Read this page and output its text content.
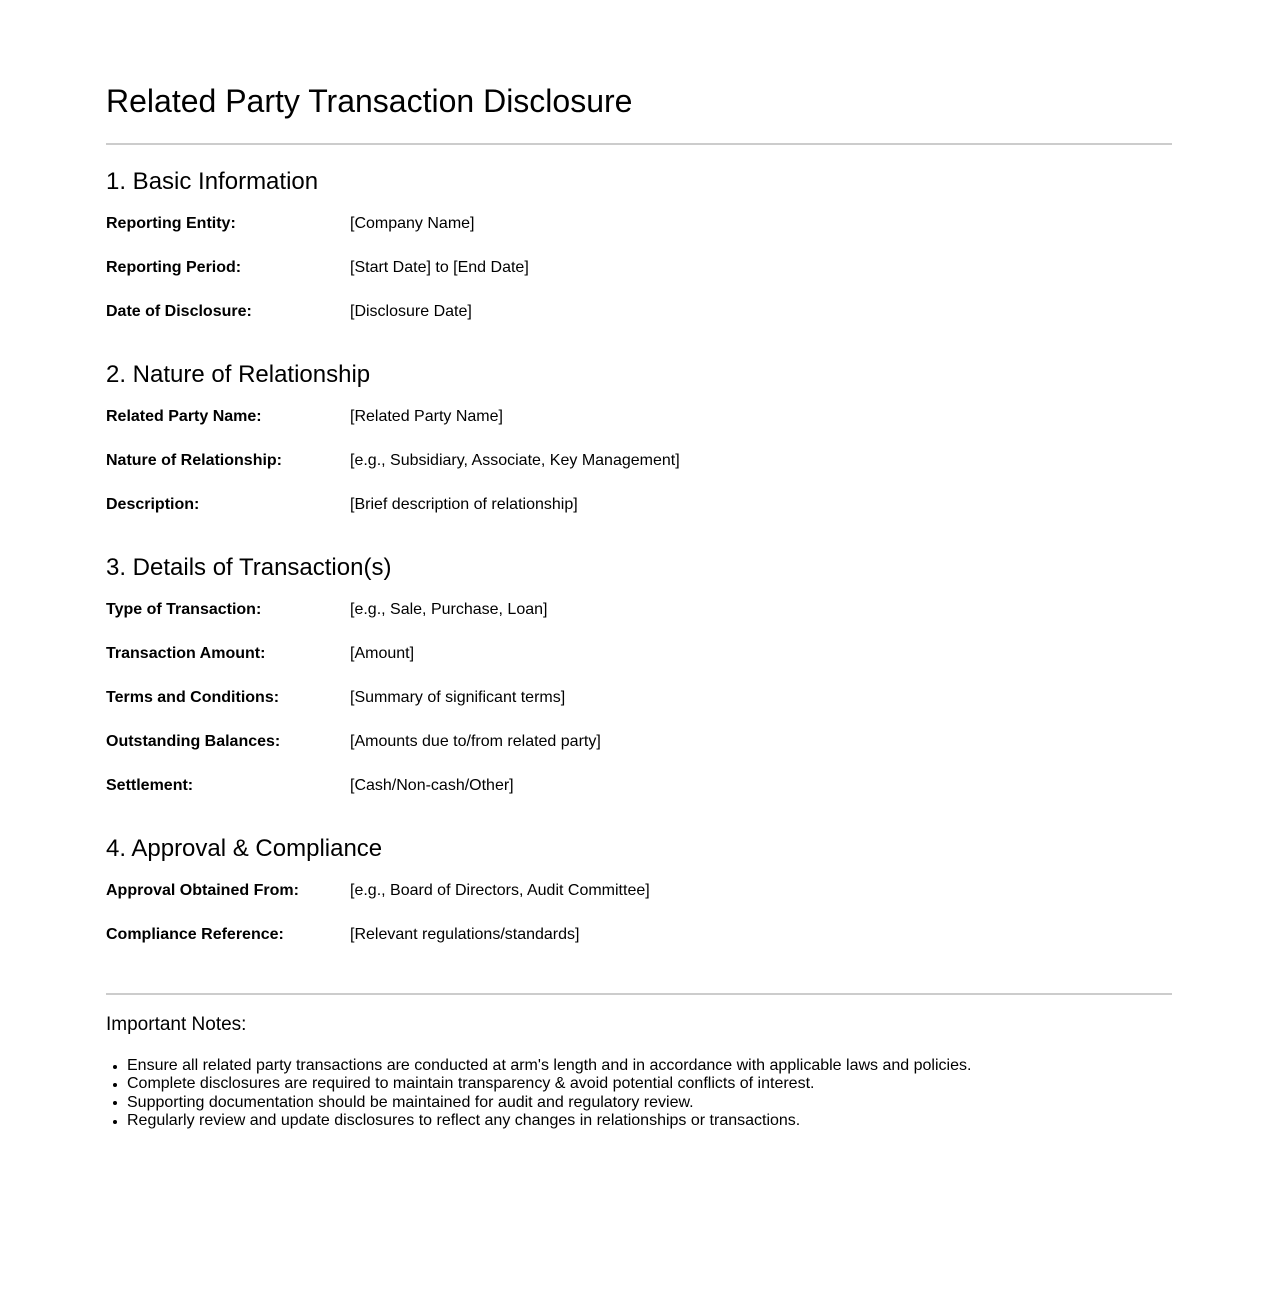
Related Party Transaction Disclosure
1. Basic Information
Reporting Entity:	[Company Name]
Reporting Period:	[Start Date] to [End Date]
Date of Disclosure:	[Disclosure Date]
2. Nature of Relationship
Related Party Name:	[Related Party Name]
Nature of Relationship:	[e.g., Subsidiary, Associate, Key Management]
Description:	[Brief description of relationship]
3. Details of Transaction(s)
Type of Transaction:	[e.g., Sale, Purchase, Loan]
Transaction Amount:	[Amount]
Terms and Conditions:	[Summary of significant terms]
Outstanding Balances:	[Amounts due to/from related party]
Settlement:	[Cash/Non-cash/Other]
4. Approval & Compliance
Approval Obtained From:	[e.g., Board of Directors, Audit Committee]
Compliance Reference:	[Relevant regulations/standards]

Important Notes:

Ensure all related party transactions are conducted at arm's length and in accordance with applicable laws and policies.
Complete disclosures are required to maintain transparency & avoid potential conflicts of interest.
Supporting documentation should be maintained for audit and regulatory review.
Regularly review and update disclosures to reflect any changes in relationships or transactions.
